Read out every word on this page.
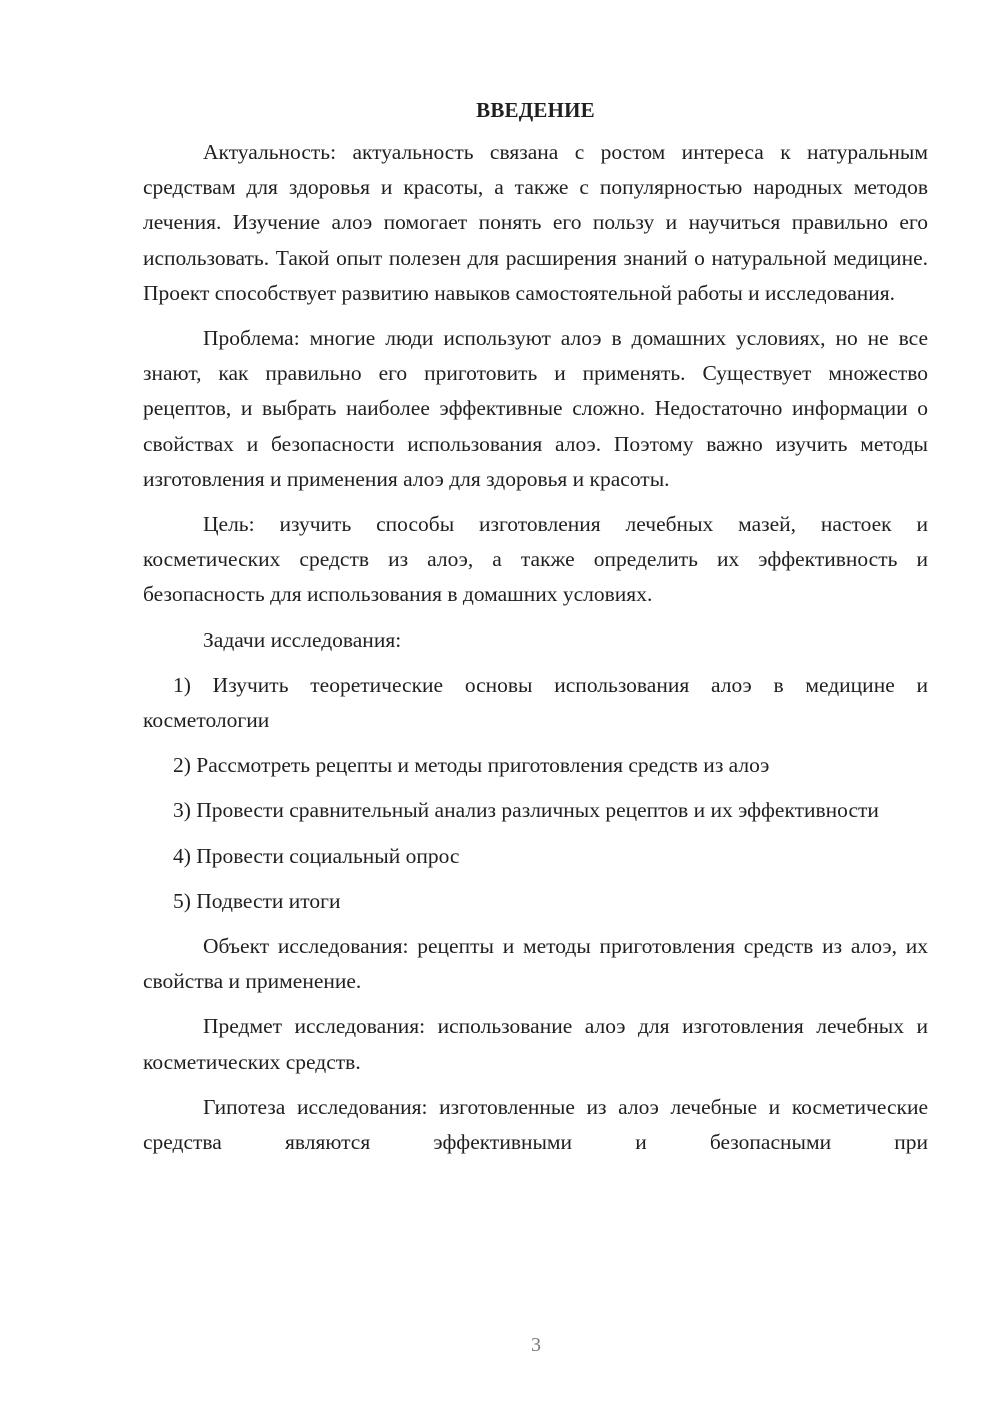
ВВЕДЕНИЕ

Актуальность: актуальность связана с ростом интереса к натуральным средствам для здоровья и красоты, а также с популярностью народных методов лечения. Изучение алоэ помогает понять его пользу и научиться правильно его использовать. Такой опыт полезен для расширения знаний о натуральной медицине. Проект способствует развитию навыков самостоятельной работы и исследования.

Проблема: многие люди используют алоэ в домашних условиях, но не все знают, как правильно его приготовить и применять. Существует множество рецептов, и выбрать наиболее эффективные сложно. Недостаточно информации о свойствах и безопасности использования алоэ. Поэтому важно изучить методы изготовления и применения алоэ для здоровья и красоты.

Цель: изучить способы изготовления лечебных мазей, настоек и косметических средств из алоэ, а также определить их эффективность и безопасность для использования в домашних условиях.

Задачи исследования:

1) Изучить теоретические основы использования алоэ в медицине и косметологии

2) Рассмотреть рецепты и методы приготовления средств из алоэ

3) Провести сравнительный анализ различных рецептов и их эффективности

4) Провести социальный опрос

5) Подвести итоги

Объект исследования: рецепты и методы приготовления средств из алоэ, их свойства и применение.

Предмет исследования: использование алоэ для изготовления лечебных и косметических средств.

Гипотеза исследования: изготовленные из алоэ лечебные и косметические средства являются эффективными и безопасными при

3
